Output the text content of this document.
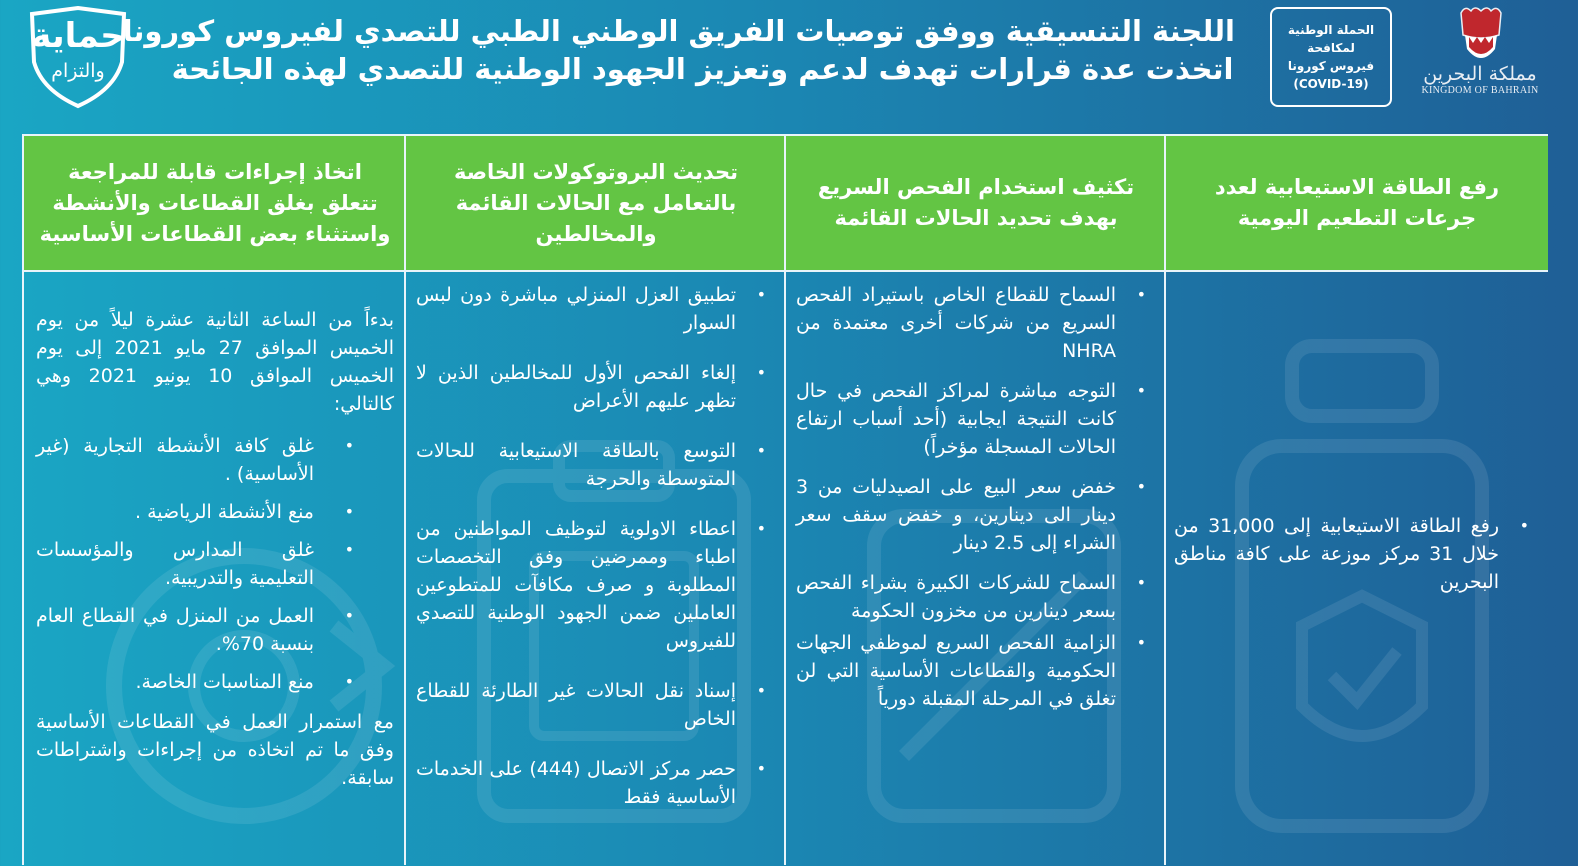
اللجنة التنسيقية ووفق توصيات الفريق الوطني الطبي للتصدي لفيروس كورونا
اتخذت عدة قرارات تهدف لدعم وتعزيز الجهود الوطنية للتصدي لهذه الجائحة
الحملة الوطنية
لمكافحة
فيروس كورونا
(COVID-19)	مملكة البحرين
KINGDOM OF BAHRAIN
حماية
والتزام
رفع الطاقة الاستيعابية لعدد جرعات التطعيم اليومية
تكثيف استخدام الفحص السريع بهدف تحديد الحالات القائمة
تحديث البروتوكولات الخاصة بالتعامل مع الحالات القائمة والمخالطين
اتخاذ إجراءات قابلة للمراجعة تتعلق بغلق القطاعات والأنشطة واستثناء بعض القطاعات الأساسية
•
رفع الطاقة الاستيعابية إلى 31,000 من خلال 31 مركز موزعة على كافة مناطق البحرين
•
السماح للقطاع الخاص باستيراد الفحص السريع من شركات أخرى معتمدة من NHRA
•
التوجه مباشرة لمراكز الفحص في حال كانت النتيجة ايجابية (أحد أسباب ارتفاع الحالات المسجلة مؤخراً)
•
خفض سعر البيع على الصيدليات من 3 دينار الى دينارين، و خفض سقف سعر الشراء إلى 2.5 دينار
•
السماح للشركات الكبيرة بشراء الفحص بسعر دينارين من مخزون الحكومة
•
الزامية الفحص السريع لموظفي الجهات الحكومية والقطاعات الأساسية التي لن تغلق في المرحلة المقبلة دورياً
•
تطبيق العزل المنزلي مباشرة دون لبس السوار
•
إلغاء الفحص الأول للمخالطين الذين لا تظهر عليهم الأعراض
•
التوسع بالطاقة الاستيعابية للحالات المتوسطة والحرجة
•
اعطاء الاولوية لتوظيف المواطنين من اطباء وممرضين وفق التخصصات المطلوبة و صرف مكافآت للمتطوعين العاملين ضمن الجهود الوطنية للتصدي للفيروس
•
إسناد نقل الحالات غير الطارئة للقطاع الخاص
•
حصر مركز الاتصال (444) على الخدمات الأساسية فقط

بدءاً من الساعة الثانية عشرة ليلاً من يوم الخميس الموافق 27 مايو 2021 إلى يوم الخميس الموافق 10 يونيو 2021 وهي كالتالي:

•
غلق كافة الأنشطة التجارية (غير الأساسية) .
•
منع الأنشطة الرياضية .
•
غلق المدارس والمؤسسات التعليمية والتدريبية.
•
العمل من المنزل في القطاع العام بنسبة 70%.
•
منع المناسبات الخاصة.

مع استمرار العمل في القطاعات الأساسية وفق ما تم اتخاذه من إجراءات واشتراطات سابقة.
